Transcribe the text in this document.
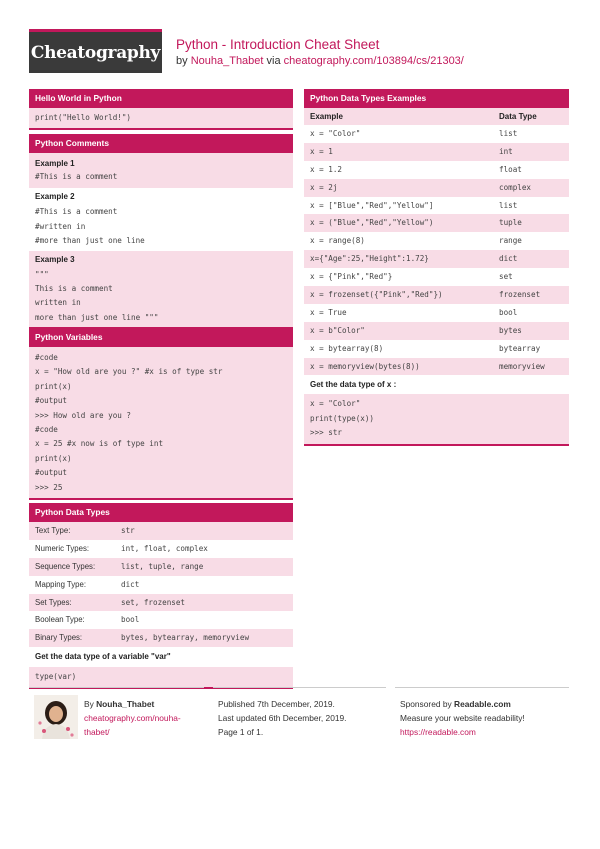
Cheatography Python - Introduction Cheat Sheet
by Nouha_Thabet via cheatography.com/103894/cs/21303/
Hello World in Python
print("Hello World!")
Python Comments
Example 1
#This is a comment
Example 2
#This is a comment
#written in
#more than just one line
Example 3
"""
This is a comment
written in
more than just one line """
Python Variables
#code
x = "How old are you ?" #x is of type str
print(x)
#output
>>> How old are you ?
#code
x = 25 #x now is of type int
print(x)
#output
>>> 25
Python Data Types
Text Type:	str
Numeric Types:	int, float, complex
Sequence Types:	list, tuple, range
Mapping Type:	dict
Set Types:	set, frozenset
Boolean Type:	bool
Binary Types:	bytes, bytearray, memoryview
Get the data type of a variable "var"
type(var)
Python Data Types Examples
Example	Data Type
x = "Color"	list
x = 1	int
x = 1.2	float
x = 2j	complex
x = ["Blue","Red","Yellow"]	list
x = ("Blue","Red","Yellow")	tuple
x = range(8)	range
x={"Age":25,"Height":1.72}	dict
x = {"Pink","Red"}	set
x = frozenset({"Pink","Red"})	frozenset
x = True	bool
x = b"Color"	bytes
x = bytearray(8)	bytearray
x = memoryview(bytes(8))	memoryview
Get the data type of x :
x = "Color"
print(type(x))
>>> str
By Nouha_Thabet
cheatography.com/nouha-
thabet/
Published 7th December, 2019.
Last updated 6th December, 2019.
Page 1 of 1.
Sponsored by Readable.com
Measure your website readability!
https://readable.com
